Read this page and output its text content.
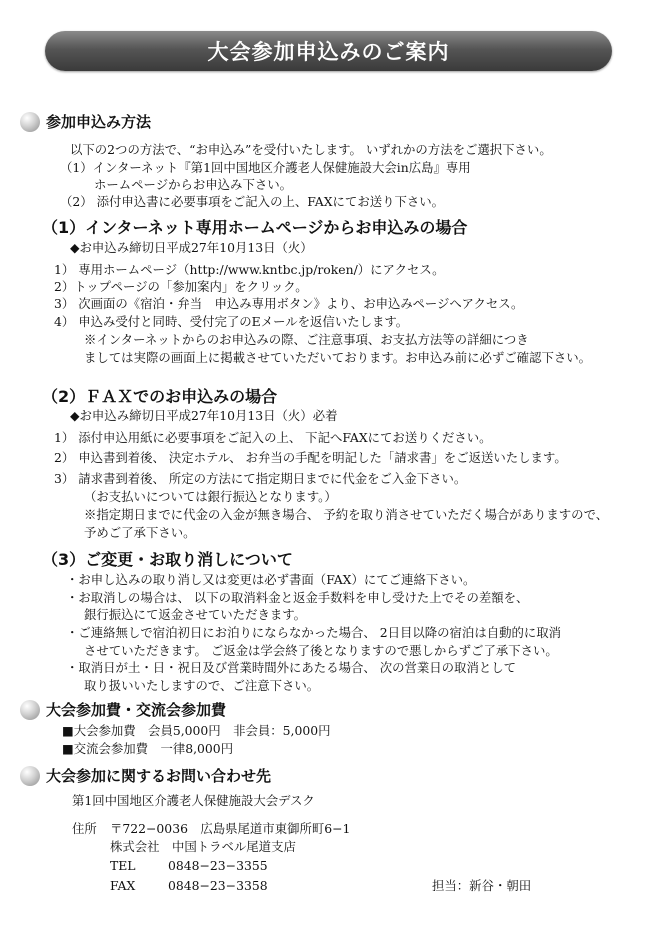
大会参加申込みのご案内
参加申込み方法
以下の2つの方法で、“お申込み”を受付いたします。 いずれかの方法をご選択下さい。
（1）インターネット『第1回中国地区介護老人保健施設大会in広島』専用
ホームページからお申込み下さい。
（2） 添付申込書に必要事項をご記入の上、FAXにてお送り下さい。
（1）インターネット専用ホームページからお申込みの場合
◆お申込み締切日平成27年10月13日（火）
1） 専用ホームページ（http://www.kntbc.jp/roken/）にアクセス。
2）トップページの「参加案内」をクリック。
3） 次画面の《宿泊・弁当　申込み専用ボタン》より、お申込みページへアクセス。
4） 申込み受付と同時、受付完了のEメールを返信いたします。
※インターネットからのお申込みの際、ご注意事項、お支払方法等の詳細につき
ましては実際の画面上に掲載させていただいております。お申込み前に必ずご確認下さい。
（2）ＦＡＸでのお申込みの場合
◆お申込み締切日平成27年10月13日（火）必着
1） 添付申込用紙に必要事項をご記入の上、 下記へFAXにてお送りください。
2） 申込書到着後、 決定ホテル、 お弁当の手配を明記した「請求書」をご返送いたします。
3） 請求書到着後、 所定の方法にて指定期日までに代金をご入金下さい。
（お支払いについては銀行振込となります。）
※指定期日までに代金の入金が無き場合、 予約を取り消させていただく場合がありますので、
予めご了承下さい。
（3）ご変更・お取り消しについて
・お申し込みの取り消し又は変更は必ず書面（FAX）にてご連絡下さい。
・お取消しの場合は、 以下の取消料金と返金手数料を申し受けた上でその差額を、
銀行振込にて返金させていただきます。
・ご連絡無しで宿泊初日にお泊りにならなかった場合、 2日目以降の宿泊は自動的に取消
させていただきます。 ご返金は学会終了後となりますので悪しからずご了承下さい。
・取消日が土・日・祝日及び営業時間外にあたる場合、 次の営業日の取消として
取り扱いいたしますので、ご注意下さい。
大会参加費・交流会参加費
■大会参加費　会員5,000円　非会員：5,000円
■交流会参加費　一律8,000円
大会参加に関するお問い合わせ先
第1回中国地区介護老人保健施設大会デスク
住所 〒722−0036　広島県尾道市東御所町6−1
株式会社　中国トラベル尾道支店
TEL	0848−23−3355
FAX	0848−23−3358	担当：新谷・朝田
